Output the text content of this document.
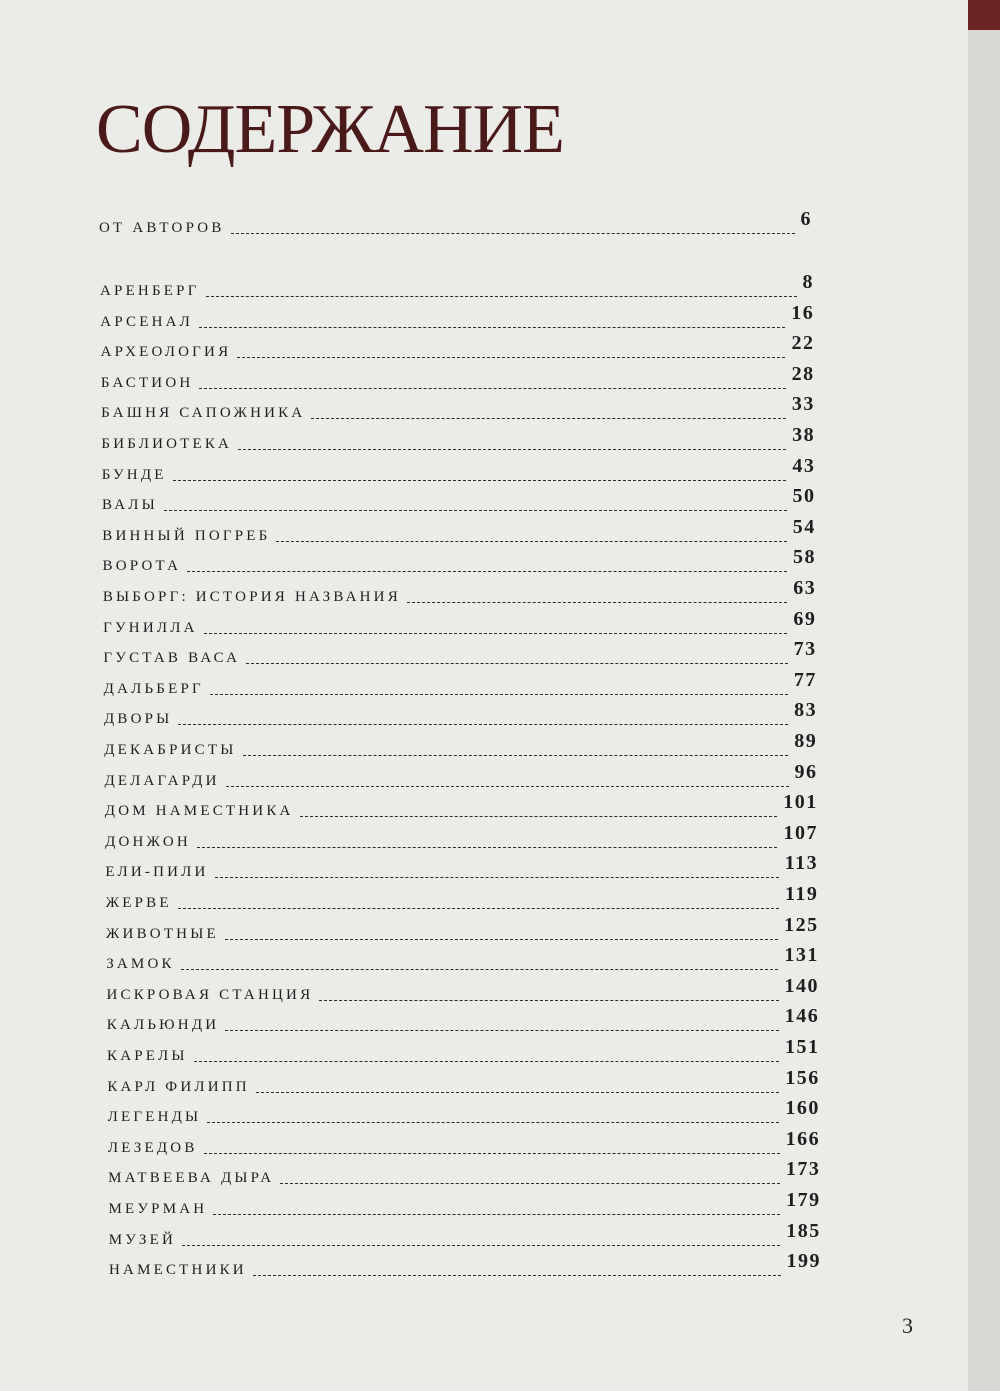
СОДЕРЖАНИЕ
ОТ АВТОРОВ	6
АРЕНБЕРГ	8
АРСЕНАЛ	16
АРХЕОЛОГИЯ	22
БАСТИОН	28
БАШНЯ САПОЖНИКА	33
БИБЛИОТЕКА	38
БУНДЕ	43
ВАЛЫ	50
ВИННЫЙ ПОГРЕБ	54
ВОРОТА	58
ВЫБОРГ: ИСТОРИЯ НАЗВАНИЯ	63
ГУНИЛЛА	69
ГУСТАВ ВАСА	73
ДАЛЬБЕРГ	77
ДВОРЫ	83
ДЕКАБРИСТЫ	89
ДЕЛАГАРДИ	96
ДОМ НАМЕСТНИКА	101
ДОНЖОН	107
ЕЛИ-ПИЛИ	113
ЖЕРВЕ	119
ЖИВОТНЫЕ	125
ЗАМОК	131
ИСКРОВАЯ СТАНЦИЯ	140
КАЛЬЮНДИ	146
КАРЕЛЫ	151
КАРЛ ФИЛИПП	156
ЛЕГЕНДЫ	160
ЛЕЗЕДОВ	166
МАТВЕЕВА ДЫРА	173
МЕУРМАН	179
МУЗЕЙ	185
НАМЕСТНИКИ	199
3
